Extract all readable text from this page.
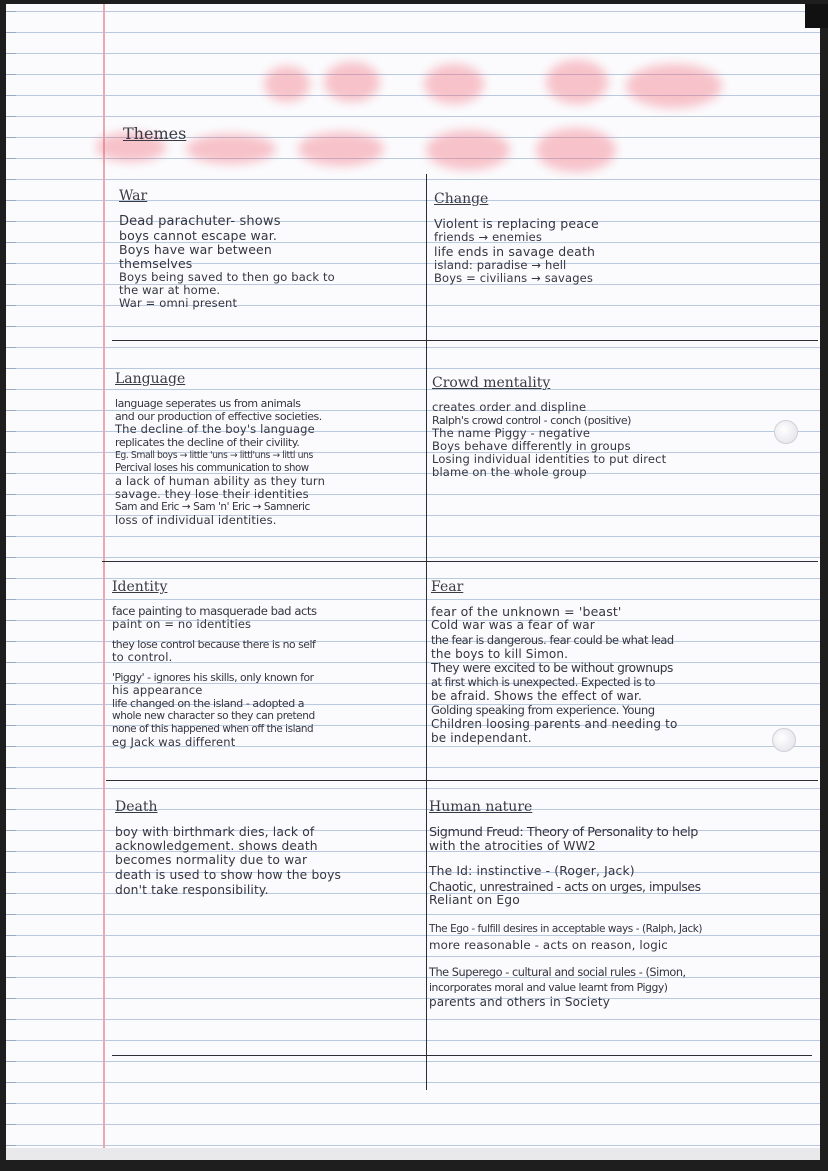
Themes
War
Dead parachuter- shows
boys cannot escape war.
Boys have war between
themselves
Boys being saved to then go back to
the war at home.
War = omni present
Change
Violent is replacing peace
friends → enemies
life ends in savage death
island: paradise → hell
Boys = civilians → savages
Language
language seperates us from animals
and our production of effective societies.
The decline of the boy's language
replicates the decline of their civility.
Eg. Small boys → little 'uns → littl'uns → littl uns
Percival loses his communication to show
a lack of human ability as they turn
savage. they lose their identities
Sam and Eric → Sam 'n' Eric → Samneric
loss of individual identities.
Crowd mentality
creates order and displine
Ralph's crowd control - conch (positive)
The name Piggy - negative
Boys behave differently in groups
Losing individual identities to put direct
blame on the whole group
Identity
face painting to masquerade bad acts
paint on = no identities
they lose control because there is no self
to control.
'Piggy' - ignores his skills, only known for
his appearance
life changed on the island - adopted a
whole new character so they can pretend
none of this happened when off the island
eg Jack was different
Fear
fear of the unknown = 'beast'
Cold war was a fear of war
the fear is dangerous. fear could be what lead
the boys to kill Simon.
They were excited to be without grownups
at first which is unexpected. Expected is to
be afraid. Shows the effect of war.
Golding speaking from experience. Young
Children loosing parents and needing to
be independant.
Death
boy with birthmark dies, lack of
acknowledgement. shows death
becomes normality due to war
death is used to show how the boys
don't take responsibility.
Human nature
Sigmund Freud: Theory of Personality to help
with the atrocities of WW2
The Id: instinctive - (Roger, Jack)
Chaotic, unrestrained - acts on urges, impulses
Reliant on Ego
The Ego - fulfill desires in acceptable ways - (Ralph, Jack)
more reasonable - acts on reason, logic
The Superego - cultural and social rules - (Simon,
incorporates moral and value learnt from Piggy)
parents and others in Society
